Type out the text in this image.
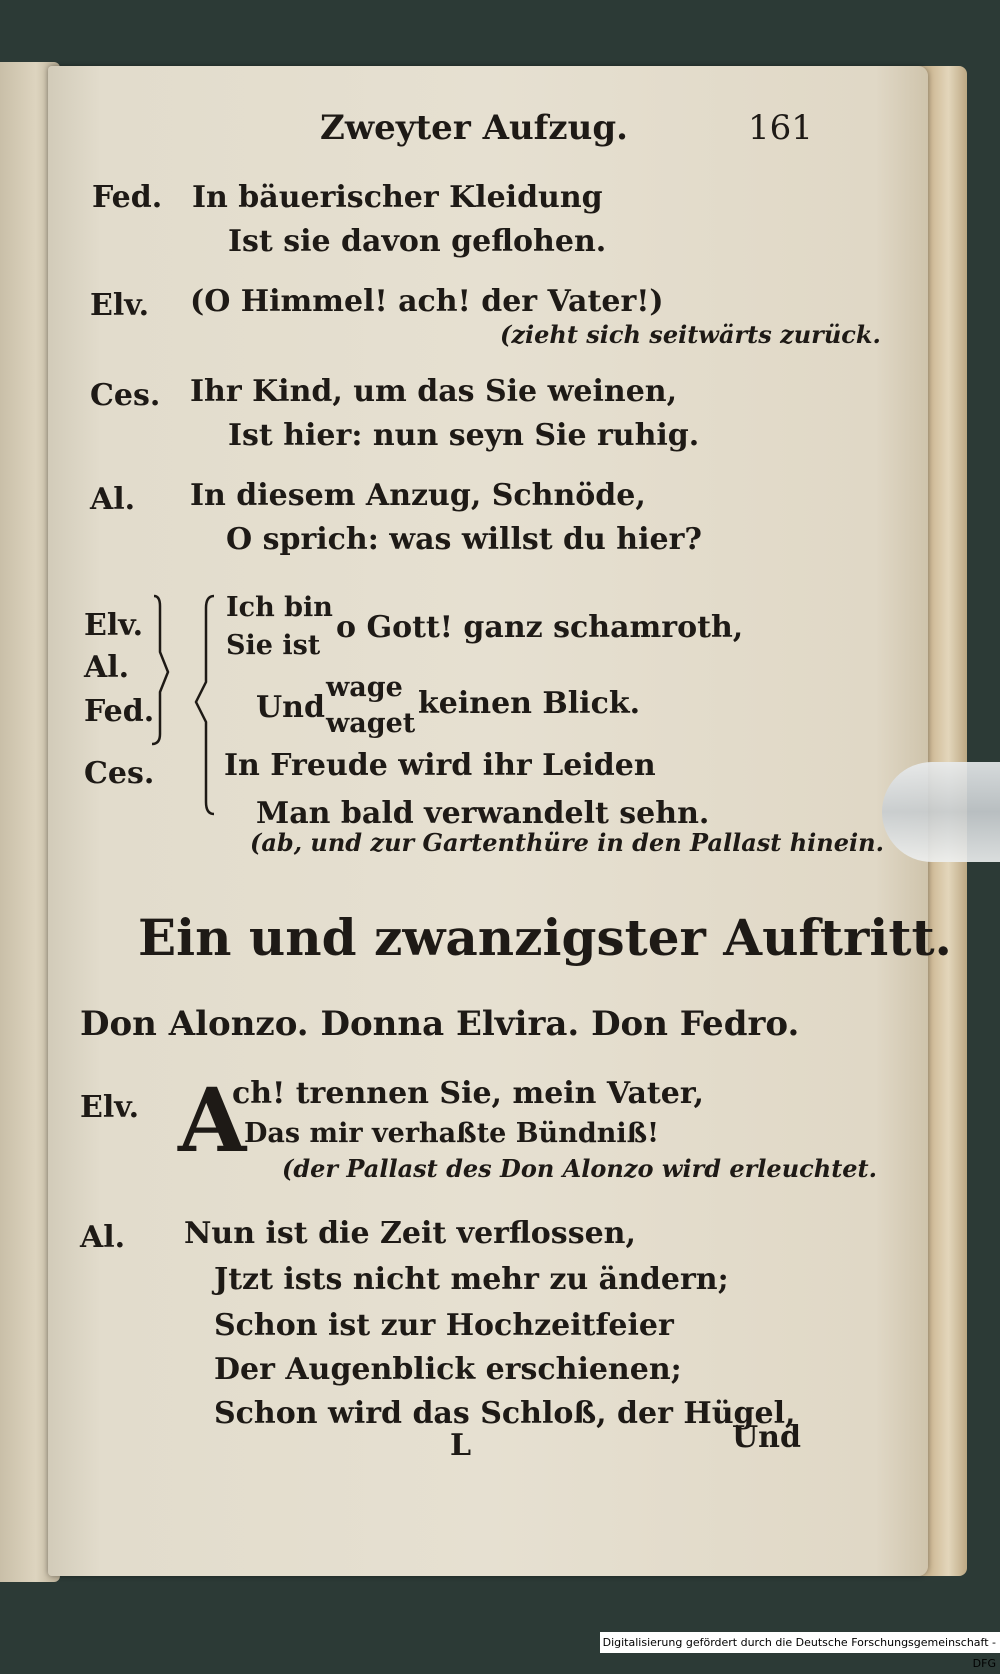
Zweyter Aufzug.	161
Fed. In bäuerischer Kleidung
Ist sie davon geflohen.
Elv. (O Himmel! ach! der Vater!)
(zieht sich seitwärts zurück.
Ces. Ihr Kind, um das Sie weinen,
Ist hier: nun seyn Sie ruhig.
Al. In diesem Anzug, Schnöde,
O sprich: was willst du hier?
Elv.
Al.
Fed.
Ces.
Ich bin
Sie ist
o Gott! ganz schamroth,
Und
wage
waget
keinen Blick.
In Freude wird ihr Leiden
Man bald verwandelt sehn.
(ab, und zur Gartenthüre in den Pallast hinein.
Ein und zwanzigster Auftritt.
Don Alonzo. Donna Elvira. Don Fedro.
Elv. A
ch! trennen Sie, mein Vater,
Das mir verhaßte Bündniß!
(der Pallast des Don Alonzo wird erleuchtet.
Al. Nun ist die Zeit verflossen,
Jtzt ists nicht mehr zu ändern;
Schon ist zur Hochzeitfeier
Der Augenblick erschienen;
Schon wird das Schloß, der Hügel,
L	Und
Digitalisierung gefördert durch die Deutsche Forschungsgemeinschaft - DFG
